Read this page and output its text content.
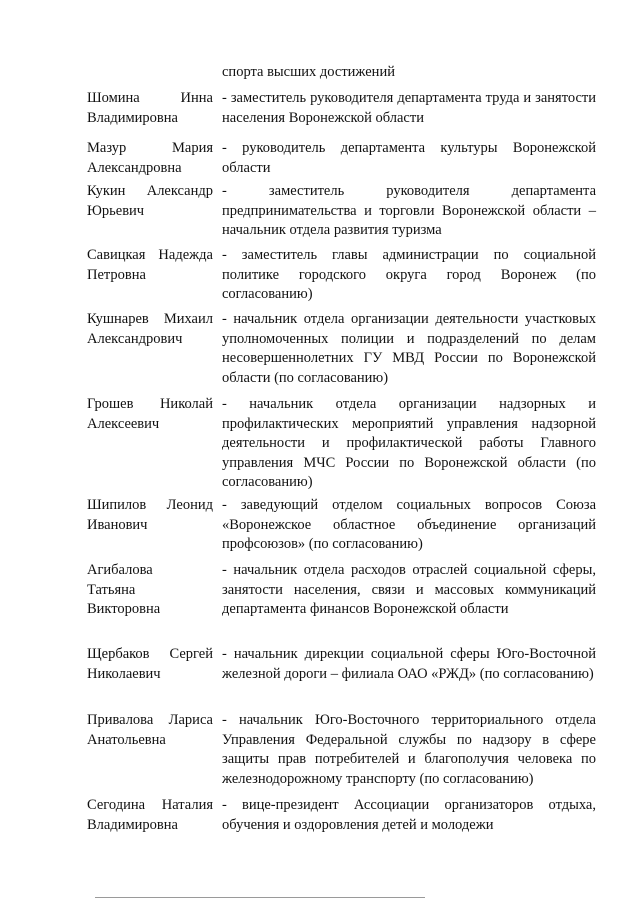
спорта высших достижений
Шомина Инна
Владимировна
- заместитель руководителя департамента труда и занятости населения Воронежской области
Мазур Мария
Александровна
- руководитель департамента культуры Воронежской области
Кукин Александр
Юрьевич
- заместитель руководителя департамента предпринимательства и торговли Воронежской области – начальник отдела развития туризма
Савицкая Надежда
Петровна
- заместитель главы администрации по социальной политике городского округа город Воронеж (по согласованию)
Кушнарев Михаил
Александрович
- начальник отдела организации деятельности участковых уполномоченных полиции и подразделений по делам несовершеннолетних ГУ МВД России по Воронежской области (по согласованию)
Грошев Николай
Алексеевич
- начальник отдела организации надзорных и профилактических мероприятий управления надзорной деятельности и профилактической работы Главного управления МЧС России по Воронежской области (по согласованию)
Шипилов Леонид
Иванович
- заведующий отделом социальных вопросов Союза «Воронежское областное объединение организаций профсоюзов» (по согласованию)
Агибалова
Татьяна
Викторовна
- начальник отдела расходов отраслей социальной сферы, занятости населения, связи и массовых коммуникаций департамента финансов Воронежской области
Щербаков Сергей
Николаевич
- начальник дирекции социальной сферы Юго-Восточной железной дороги – филиала ОАО «РЖД» (по согласованию)
Привалова Лариса
Анатольевна
- начальник Юго-Восточного территориального отдела Управления Федеральной службы по надзору в сфере защиты прав потребителей и благополучия человека по железнодорожному транспорту (по согласованию)
Сегодина Наталия
Владимировна
- вице-президент Ассоциации организаторов отдыха, обучения и оздоровления детей и молодежи
